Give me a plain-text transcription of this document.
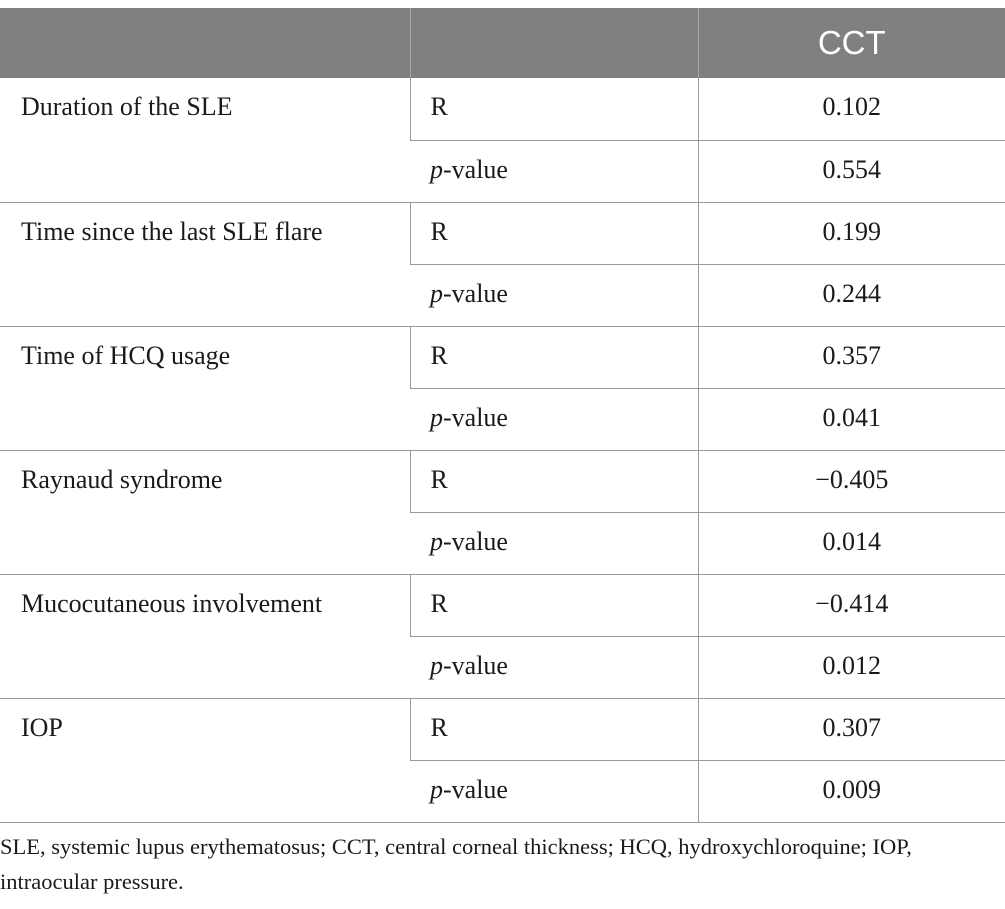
		CCT
Duration of the SLE	R	0.102
	p-value	0.554
Time since the last SLE flare	R	0.199
	p-value	0.244
Time of HCQ usage	R	0.357
	p-value	0.041
Raynaud syndrome	R	−0.405
	p-value	0.014
Mucocutaneous involvement	R	−0.414
	p-value	0.012
IOP	R	0.307
	p-value	0.009
SLE, systemic lupus erythematosus; CCT, central corneal thickness; HCQ, hydroxychloroquine; IOP, intraocular pressure.
